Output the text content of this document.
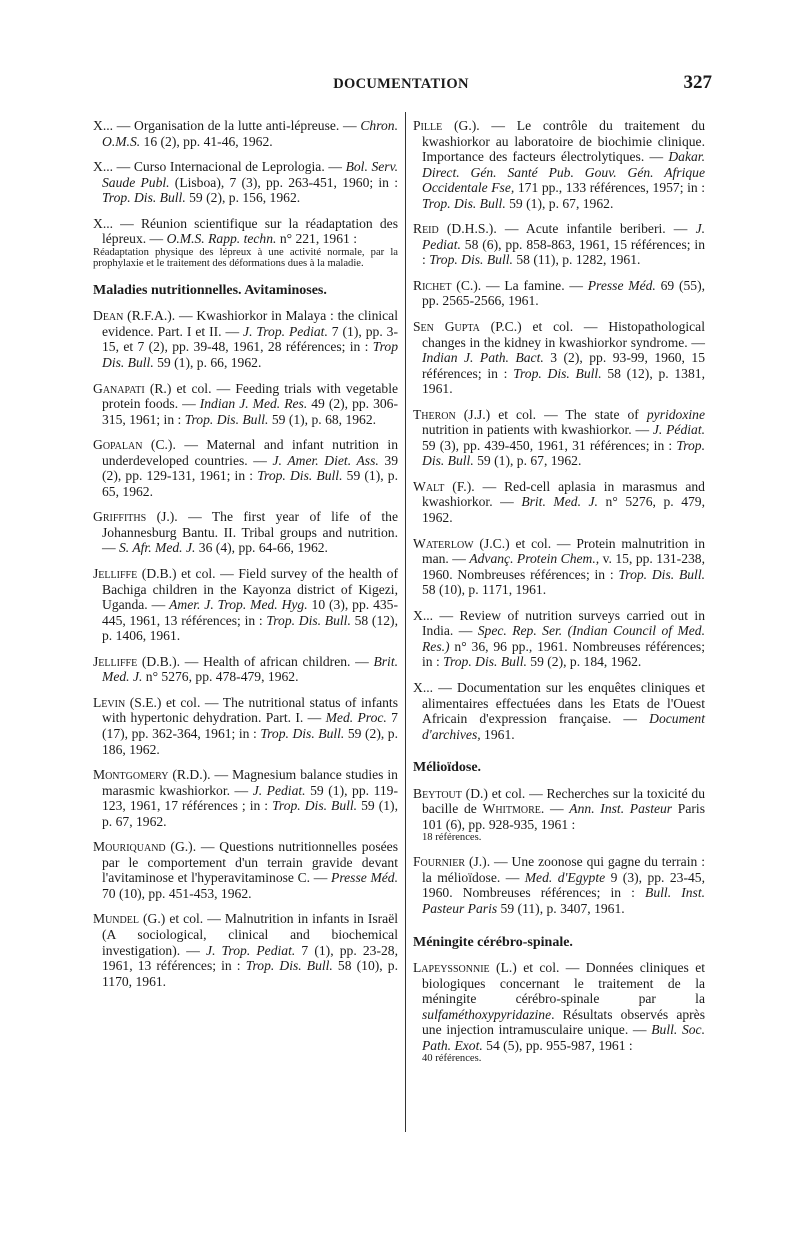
DOCUMENTATION	327
X... — Organisation de la lutte anti-lépreuse. — Chron. O.M.S. 16 (2), pp. 41-46, 1962.
X... — Curso Internacional de Leprologia. — Bol. Serv. Saude Publ. (Lisboa), 7 (3), pp. 263-451, 1960; in : Trop. Dis. Bull. 59 (2), p. 156, 1962.
X... — Réunion scientifique sur la réadaptation des lépreux. — O.M.S. Rapp. techn. n° 221, 1961 :
Réadaptation physique des lépreux à une activité normale, par la prophylaxie et le traitement des déformations dues à la maladie.
Maladies nutritionnelles. Avitaminoses.
Dean (R.F.A.). — Kwashiorkor in Malaya : the clinical evidence. Part. I et II. — J. Trop. Pediat. 7 (1), pp. 3-15, et 7 (2), pp. 39-48, 1961, 28 références; in : Trop Dis. Bull. 59 (1), p. 66, 1962.
Ganapati (R.) et col. — Feeding trials with vegetable protein foods. — Indian J. Med. Res. 49 (2), pp. 306-315, 1961; in : Trop. Dis. Bull. 59 (1), p. 68, 1962.
Gopalan (C.). — Maternal and infant nutrition in underdeveloped countries. — J. Amer. Diet. Ass. 39 (2), pp. 129-131, 1961; in : Trop. Dis. Bull. 59 (1), p. 65, 1962.
Griffiths (J.). — The first year of life of the Johannesburg Bantu. II. Tribal groups and nutrition. — S. Afr. Med. J. 36 (4), pp. 64-66, 1962.
Jelliffe (D.B.) et col. — Field survey of the health of Bachiga children in the Kayonza district of Kigezi, Uganda. — Amer. J. Trop. Med. Hyg. 10 (3), pp. 435-445, 1961, 13 références; in : Trop. Dis. Bull. 58 (12), p. 1406, 1961.
Jelliffe (D.B.). — Health of african children. — Brit. Med. J. n° 5276, pp. 478-479, 1962.
Levin (S.E.) et col. — The nutritional status of infants with hypertonic dehydration. Part. I. — Med. Proc. 7 (17), pp. 362-364, 1961; in : Trop. Dis. Bull. 59 (2), p. 186, 1962.
Montgomery (R.D.). — Magnesium balance studies in marasmic kwashiorkor. — J. Pediat. 59 (1), pp. 119-123, 1961, 17 références ; in : Trop. Dis. Bull. 59 (1), p. 67, 1962.
Mouriquand (G.). — Questions nutritionnelles posées par le comportement d'un terrain gravide devant l'avitaminose et l'hyperavitaminose C. — Presse Méd. 70 (10), pp. 451-453, 1962.
Mundel (G.) et col. — Malnutrition in infants in Israël (A sociological, clinical and biochemical investigation). — J. Trop. Pediat. 7 (1), pp. 23-28, 1961, 13 références; in : Trop. Dis. Bull. 58 (10), p. 1170, 1961.
Pille (G.). — Le contrôle du traitement du kwashiorkor au laboratoire de biochimie clinique. Importance des facteurs électrolytiques. — Dakar. Direct. Gén. Santé Pub. Gouv. Gén. Afrique Occidentale Fse, 171 pp., 133 références, 1957; in : Trop. Dis. Bull. 59 (1), p. 67, 1962.
Reid (D.H.S.). — Acute infantile beriberi. — J. Pediat. 58 (6), pp. 858-863, 1961, 15 références; in : Trop. Dis. Bull. 58 (11), p. 1282, 1961.
Richet (C.). — La famine. — Presse Méd. 69 (55), pp. 2565-2566, 1961.
Sen Gupta (P.C.) et col. — Histopathological changes in the kidney in kwashiorkor syndrome. — Indian J. Path. Bact. 3 (2), pp. 93-99, 1960, 15 références; in : Trop. Dis. Bull. 58 (12), p. 1381, 1961.
Theron (J.J.) et col. — The state of pyridoxine nutrition in patients with kwashiorkor. — J. Pédiat. 59 (3), pp. 439-450, 1961, 31 références; in : Trop. Dis. Bull. 59 (1), p. 67, 1962.
Walt (F.). — Red-cell aplasia in marasmus and kwashiorkor. — Brit. Med. J. n° 5276, p. 479, 1962.
Waterlow (J.C.) et col. — Protein malnutrition in man. — Advanç. Protein Chem., v. 15, pp. 131-238, 1960. Nombreuses références; in : Trop. Dis. Bull. 58 (10), p. 1171, 1961.
X... — Review of nutrition surveys carried out in India. — Spec. Rep. Ser. (Indian Council of Med. Res.) n° 36, 96 pp., 1961. Nombreuses références; in : Trop. Dis. Bull. 59 (2), p. 184, 1962.
X... — Documentation sur les enquêtes cliniques et alimentaires effectuées dans les Etats de l'Ouest Africain d'expression française. — Document d'archives, 1961.
Mélioïdose.
Beytout (D.) et col. — Recherches sur la toxicité du bacille de Whitmore. — Ann. Inst. Pasteur Paris 101 (6), pp. 928-935, 1961 :
18 références.
Fournier (J.). — Une zoonose qui gagne du terrain : la mélioïdose. — Med. d'Egypte 9 (3), pp. 23-45, 1960. Nombreuses références; in : Bull. Inst. Pasteur Paris 59 (11), p. 3407, 1961.
Méningite cérébro-spinale.
Lapeyssonnie (L.) et col. — Données cliniques et biologiques concernant le traitement de la méningite cérébro-spinale par la sulfaméthoxypyridazine. Résultats observés après une injection intramusculaire unique. — Bull. Soc. Path. Exot. 54 (5), pp. 955-987, 1961 :
40 références.
